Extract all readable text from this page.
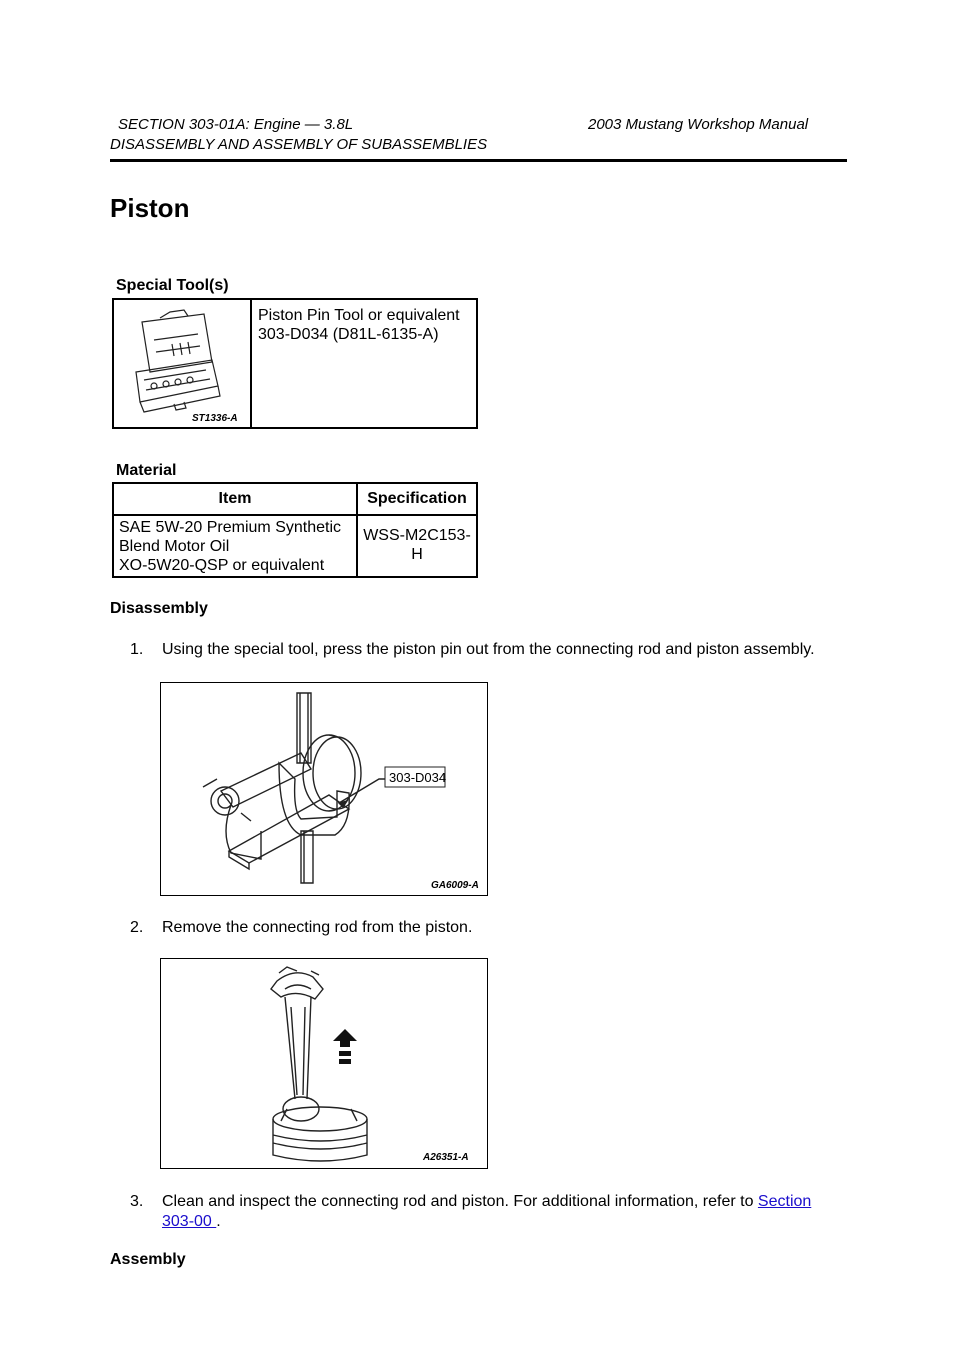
SECTION 303-01A: Engine — 3.8L	2003 Mustang Workshop Manual
DISASSEMBLY AND ASSEMBLY OF SUBASSEMBLIES
Piston
Special Tool(s)
ST1336-A
Piston Pin Tool or equivalent
303-D034 (D81L-6135-A)
Material
Item	Specification
SAE 5W-20 Premium Synthetic
Blend Motor Oil
XO-5W20-QSP or equivalent
WSS-M2C153-
H
Disassembly
1. Using the special tool, press the piston pin out from the connecting rod and piston assembly.
303-D034
GA6009-A
2. Remove the connecting rod from the piston.
A26351-A
3. Clean and inspect the connecting rod and piston. For additional information, refer to Section
303-00 .
Assembly
